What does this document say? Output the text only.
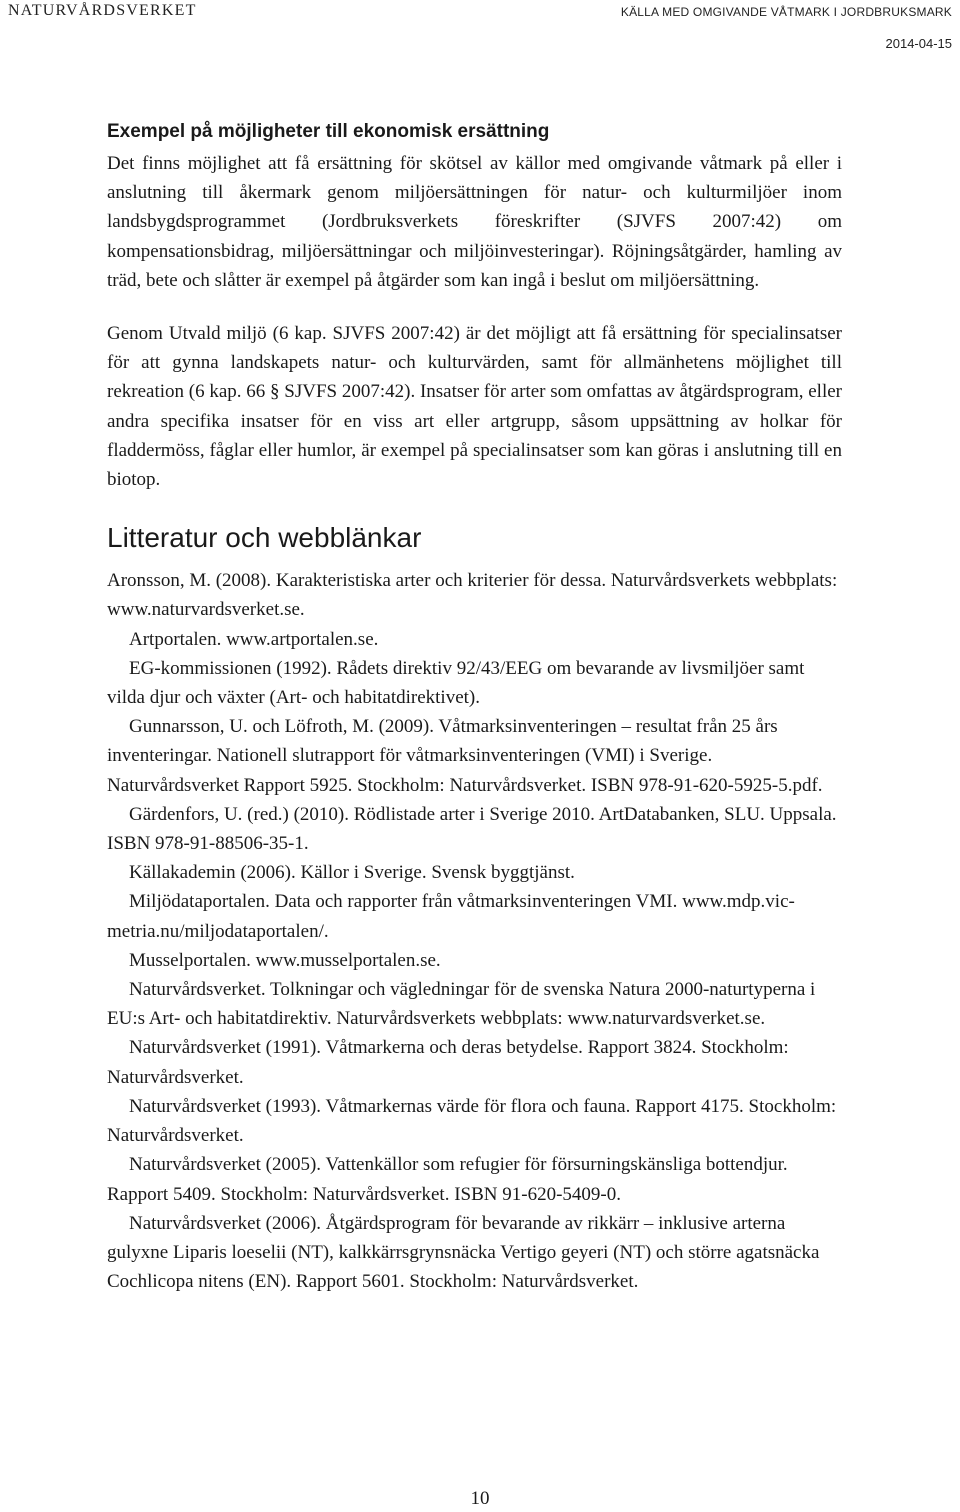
NATURVÅRDSVERKET	KÄLLA MED OMGIVANDE VÅTMARK I JORDBRUKSMARK
2014-04-15
Exempel på möjligheter till ekonomisk ersättning

Det finns möjlighet att få ersättning för skötsel av källor med omgivande våtmark på eller i anslutning till åkermark genom miljöersättningen för natur- och kulturmiljöer inom landsbygdsprogrammet (Jordbruksverkets föreskrifter (SJVFS 2007:42) om kompensationsbidrag, miljöersättningar och miljöinvesteringar). Röjningsåtgärder, hamling av träd, bete och slåtter är exempel på åtgärder som kan ingå i beslut om miljöersättning.

Genom Utvald miljö (6 kap. SJVFS 2007:42) är det möjligt att få ersättning för specialinsatser för att gynna landskapets natur- och kulturvärden, samt för allmänhetens möjlighet till rekreation (6 kap. 66 § SJVFS 2007:42). Insatser för arter som omfattas av åtgärdsprogram, eller andra specifika insatser för en viss art eller artgrupp, såsom uppsättning av holkar för fladdermöss, fåglar eller humlor, är exempel på specialinsatser som kan göras i anslutning till en biotop.

Litteratur och webblänkar
Aronsson, M. (2008). Karakteristiska arter och kriterier för dessa. Naturvårdsverkets webbplats: www.naturvardsverket.se.
Artportalen. www.artportalen.se.
EG-kommissionen (1992). Rådets direktiv 92/43/EEG om bevarande av livsmiljöer samt vilda djur och växter (Art- och habitatdirektivet).
Gunnarsson, U. och Löfroth, M. (2009). Våtmarksinventeringen – resultat från 25 års inventeringar. Nationell slutrapport för våtmarksinventeringen (VMI) i Sverige. Naturvårdsverket Rapport 5925. Stockholm: Naturvårdsverket. ISBN 978-91-620-5925-5.pdf.
Gärdenfors, U. (red.) (2010). Rödlistade arter i Sverige 2010. ArtDatabanken, SLU. Uppsala. ISBN 978-91-88506-35-1.
Källakademin (2006). Källor i Sverige. Svensk byggtjänst.
Miljödataportalen. Data och rapporter från våtmarksinventeringen VMI. www.mdp.vic-metria.nu/miljodataportalen/.
Musselportalen. www.musselportalen.se.
Naturvårdsverket. Tolkningar och vägledningar för de svenska Natura 2000-naturtyperna i EU:s Art- och habitatdirektiv. Naturvårdsverkets webbplats: www.naturvardsverket.se.
Naturvårdsverket (1991). Våtmarkerna och deras betydelse. Rapport 3824. Stockholm: Naturvårdsverket.
Naturvårdsverket (1993). Våtmarkernas värde för flora och fauna. Rapport 4175. Stockholm: Naturvårdsverket.
Naturvårdsverket (2005). Vattenkällor som refugier för försurningskänsliga bottendjur. Rapport 5409. Stockholm: Naturvårdsverket. ISBN 91-620-5409-0.
Naturvårdsverket (2006). Åtgärdsprogram för bevarande av rikkärr – inklusive arterna gulyxne Liparis loeselii (NT), kalkkärrsgrynsnäcka Vertigo geyeri (NT) och större agatsnäcka Cochlicopa nitens (EN). Rapport 5601. Stockholm: Naturvårdsverket.
10
